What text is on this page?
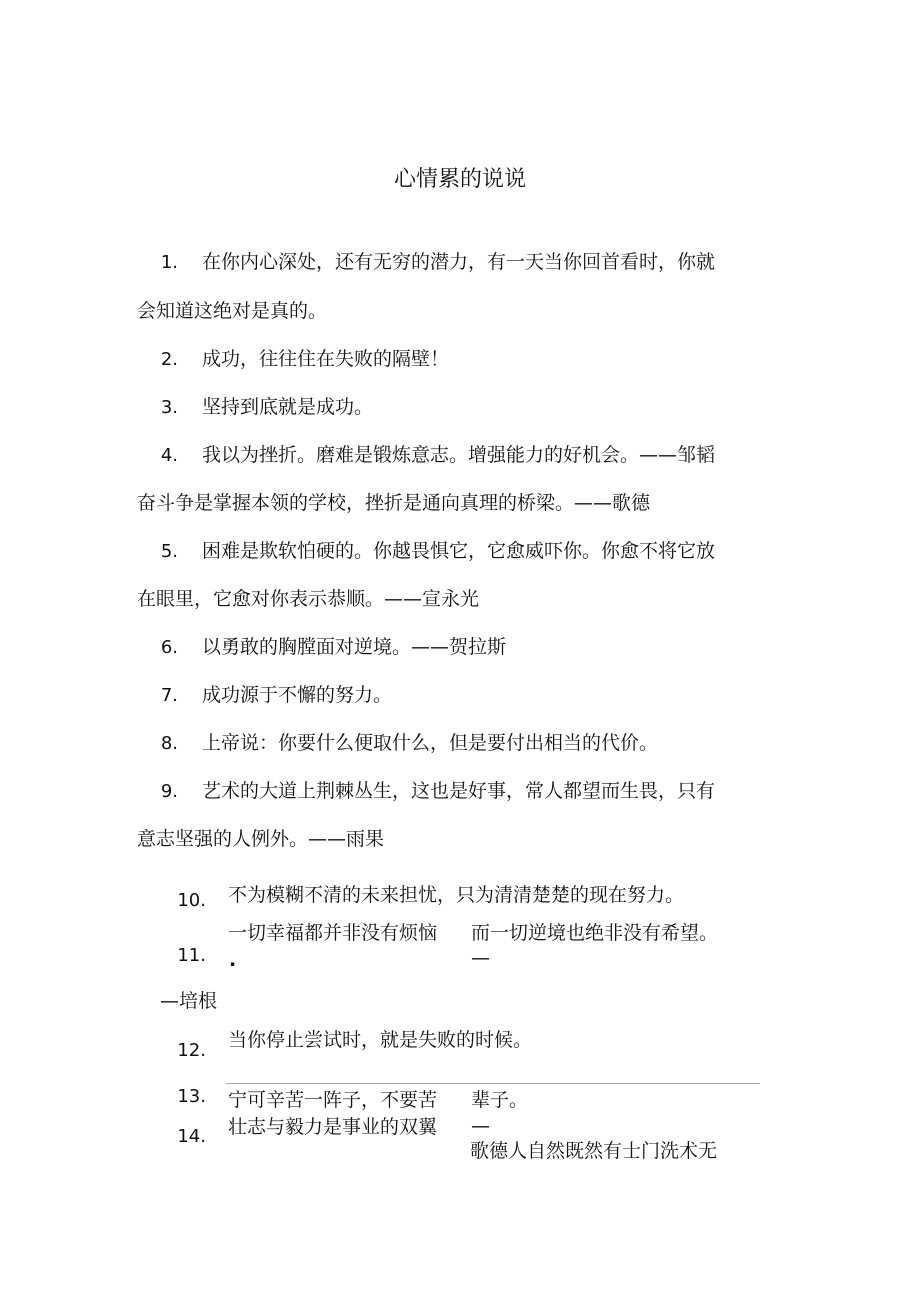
心情累的说说
1. 在你内心深处，还有无穷的潜力，有一天当你回首看时，你就
会知道这绝对是真的。
2. 成功，往往住在失败的隔壁！
3. 坚持到底就是成功。
4. 我以为挫折。磨难是锻炼意志。增强能力的好机会。——邹韬
奋斗争是掌握本领的学校，挫折是通向真理的桥梁。——歌德
5. 困难是欺软怕硬的。你越畏惧它，它愈威吓你。你愈不将它放
在眼里，它愈对你表示恭顺。——宣永光
6. 以勇敢的胸膛面对逆境。——贺拉斯
7. 成功源于不懈的努力。
8. 上帝说：你要什么便取什么，但是要付出相当的代价。
9. 艺术的大道上荆棘丛生，这也是好事，常人都望而生畏，只有
意志坚强的人例外。——雨果
10. 不为模糊不清的未来担忧，只为清清楚楚的现在努力。
11.
一切幸福都并非没有烦恼
.
而一切逆境也绝非没有希望。
—
—培根
12. 当你停止尝试时，就是失败的时候。
13. 宁可辛苦一阵子，不要苦 辈子。
14. 壮志与毅力是事业的双翼 —
歌德人自然既然有士门洗术无
